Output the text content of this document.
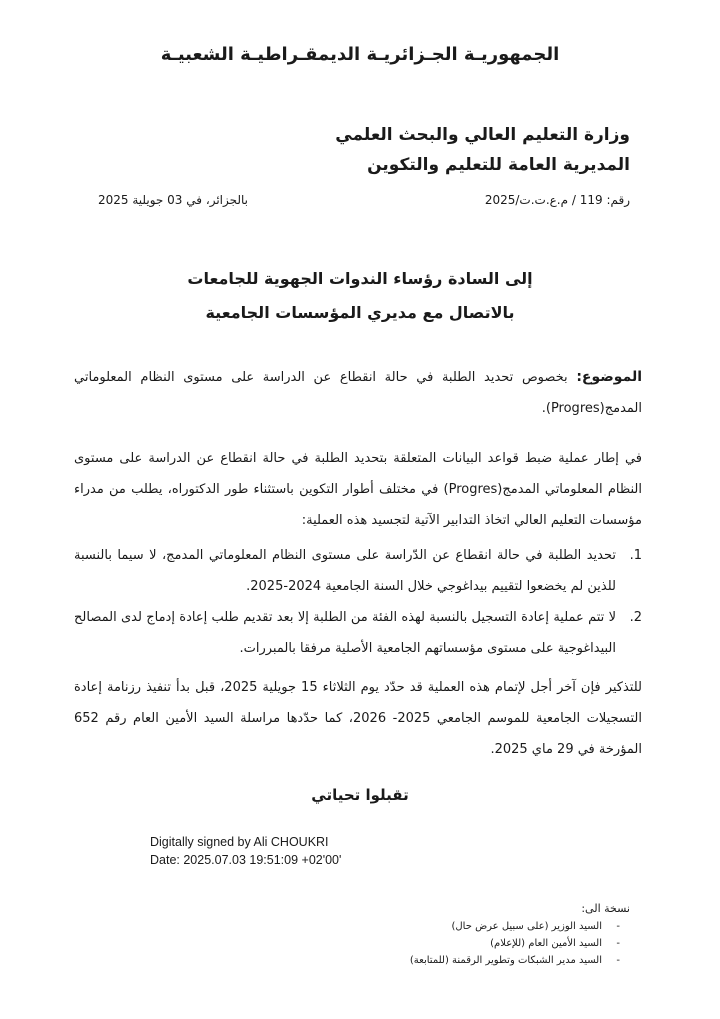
الجمهوريـة الجـزائريـة الديمقـراطيـة الشعبيـة
وزارة التعليم العالي والبحث العلمي
المديرية العامة للتعليم والتكوين
رقم: 119 / م.ع.ت.ت/2025
بالجزائر، في 03 جويلية 2025
إلى السادة رؤساء الندوات الجهوية للجامعات
بالاتصال مع مديري المؤسسات الجامعية
الموضوع: بخصوص تحديد الطلبة في حالة انقطاع عن الدراسة على مستوى النظام المعلوماتي المدمج(Progres).
في إطار عملية ضبط قواعد البيانات المتعلقة بتحديد الطلبة في حالة انقطاع عن الدراسة على مستوى النظام المعلوماتي المدمج(Progres) في مختلف أطوار التكوين باستثناء طور الدكتوراه، يطلب من مدراء مؤسسات التعليم العالي اتخاذ التدابير الآتية لتجسيد هذه العملية:
1.
تحديد الطلبة في حالة انقطاع عن الدّراسة على مستوى النظام المعلوماتي المدمج، لا سيما بالنسبة للذين لم يخضعوا لتقييم بيداغوجي خلال السنة الجامعية 2024-2025.
2.
لا تتم عملية إعادة التسجيل بالنسبة لهذه الفئة من الطلبة إلا بعد تقديم طلب إعادة إدماج لدى المصالح البيداغوجية على مستوى مؤسساتهم الجامعية الأصلية مرفقا بالمبررات.
للتذكير فإن آخر أجل لإتمام هذه العملية قد حدّد يوم الثلاثاء 15 جويلية 2025، قبل بدأ تنفيذ رزنامة إعادة التسجيلات الجامعية للموسم الجامعي 2025- 2026، كما حدّدها مراسلة السيد الأمين العام رقم 652 المؤرخة في 29 ماي 2025.
تقبلوا تحياتي
Digitally signed by Ali CHOUKRI
Date: 2025.07.03 19:51:09 +02'00'
نسخة الى:
- السيد الوزير (على سبيل عرض حال)
- السيد الأمين العام (للإعلام)
- السيد مدير الشبكات وتطوير الرقمنة (للمتابعة)
